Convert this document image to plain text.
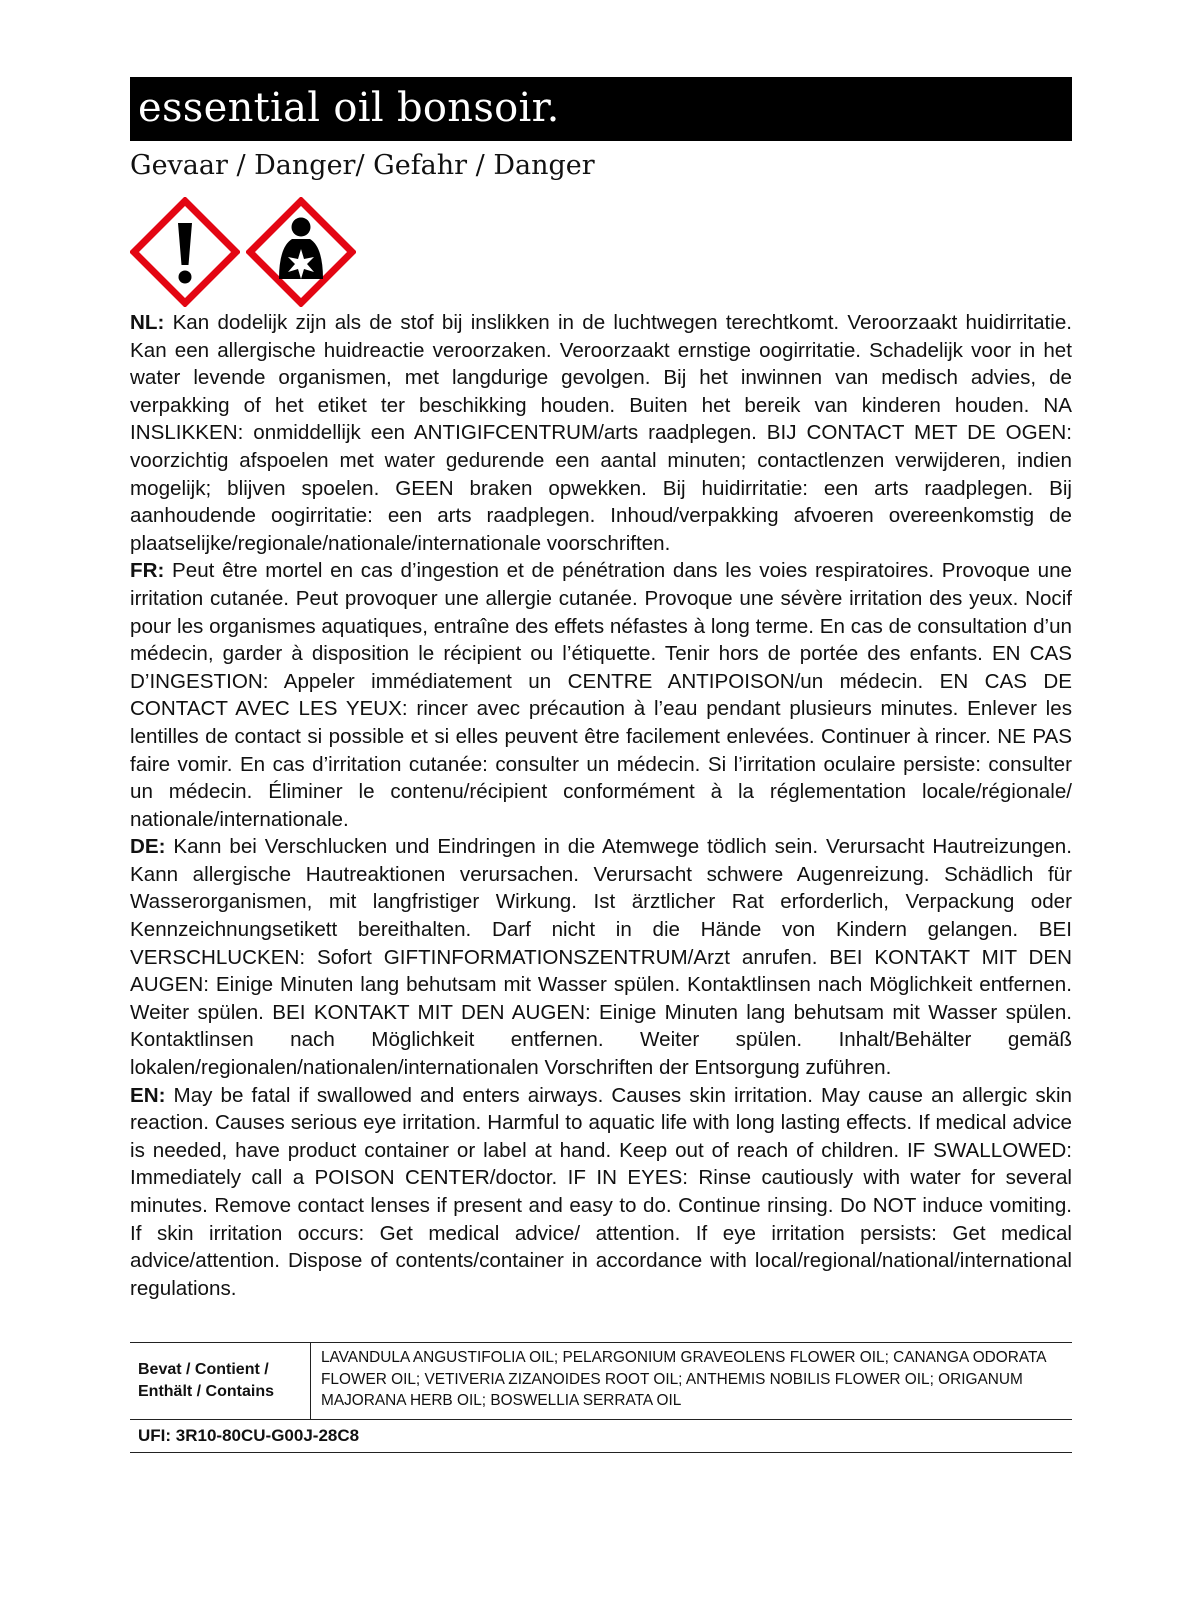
essential oil bonsoir.
Gevaar / Danger/ Gefahr / Danger

NL: Kan dodelijk zijn als de stof bij inslikken in de luchtwegen terechtkomt. Veroorzaakt huidirritatie. Kan een allergische huidreactie veroorzaken. Veroorzaakt ernstige oogirritatie. Schadelijk voor in het water levende organismen, met langdurige gevolgen. Bij het inwinnen van medisch advies, de verpakking of het etiket ter beschikking houden. Buiten het bereik van kinderen houden. NA INSLIKKEN: onmiddellijk een ANTIGIFCENTRUM/arts raadplegen. BIJ CONTACT MET DE OGEN: voorzichtig afspoelen met water gedurende een aantal minuten; contactlenzen verwijderen, indien mogelijk; blijven spoelen. GEEN braken opwekken. Bij huidirritatie: een arts raadplegen. Bij aanhoudende oogirritatie: een arts raadplegen. Inhoud/verpakking afvoeren overeenkomstig de plaatselijke/regionale/nationale/internationale voorschriften.

FR: Peut être mortel en cas d’ingestion et de pénétration dans les voies respiratoires. Provoque une irritation cutanée. Peut provoquer une allergie cutanée. Provoque une sévère irritation des yeux. Nocif pour les organismes aquatiques, entraîne des effets néfastes à long terme. En cas de consultation d’un médecin, garder à disposition le récipient ou l’étiquette. Tenir hors de portée des enfants. EN CAS D’INGESTION: Appeler immédiatement un CENTRE ANTIPOISON/un médecin. EN CAS DE CONTACT AVEC LES YEUX: rincer avec précaution à l’eau pendant plusieurs minutes. Enlever les lentilles de contact si possible et si elles peuvent être facilement enlevées. Continuer à rincer. NE PAS faire vomir. En cas d’irritation cutanée: consulter un médecin. Si l’irritation oculaire persiste: consulter un médecin. Éliminer le contenu/récipient conformément à la réglementation locale/régionale/ nationale/internationale.

DE: Kann bei Verschlucken und Eindringen in die Atemwege tödlich sein. Verursacht Hautreizungen. Kann allergische Hautreaktionen verursachen. Verursacht schwere Augenreizung. Schädlich für Wasserorganismen, mit langfristiger Wirkung. Ist ärztlicher Rat erforderlich, Verpackung oder Kennzeichnungsetikett bereithalten. Darf nicht in die Hände von Kindern gelangen. BEI VERSCHLUCKEN: Sofort GIFTINFORMATIONSZENTRUM/Arzt anrufen. BEI KONTAKT MIT DEN AUGEN: Einige Minuten lang behutsam mit Wasser spülen. Kontaktlinsen nach Möglichkeit entfernen. Weiter spülen. BEI KONTAKT MIT DEN AUGEN: Einige Minuten lang behutsam mit Wasser spülen. Kontaktlinsen nach Möglichkeit entfernen. Weiter spülen. Inhalt/Behälter gemäß lokalen/regionalen/nationalen/internationalen Vorschriften der Entsorgung zuführen.

EN: May be fatal if swallowed and enters airways. Causes skin irritation. May cause an allergic skin reaction. Causes serious eye irritation. Harmful to aquatic life with long lasting effects. If medical advice is needed, have product container or label at hand. Keep out of reach of children. IF SWALLOWED: Immediately call a POISON CENTER/doctor. IF IN EYES: Rinse cautiously with water for several minutes. Remove contact lenses if present and easy to do. Continue rinsing. Do NOT induce vomiting. If skin irritation occurs: Get medical advice/ attention. If eye irritation persists: Get medical advice/attention. Dispose of contents/container in accordance with local/regional/national/international regulations.

Bevat / Contient /
Enthält / Contains
LAVANDULA ANGUSTIFOLIA OIL; PELARGONIUM GRAVEOLENS FLOWER OIL; CANANGA ODORATA FLOWER OIL; VETIVERIA ZIZANOIDES ROOT OIL; ANTHEMIS NOBILIS FLOWER OIL; ORIGANUM MAJORANA HERB OIL; BOSWELLIA SERRATA OIL
UFI: 3R10-80CU-G00J-28C8
